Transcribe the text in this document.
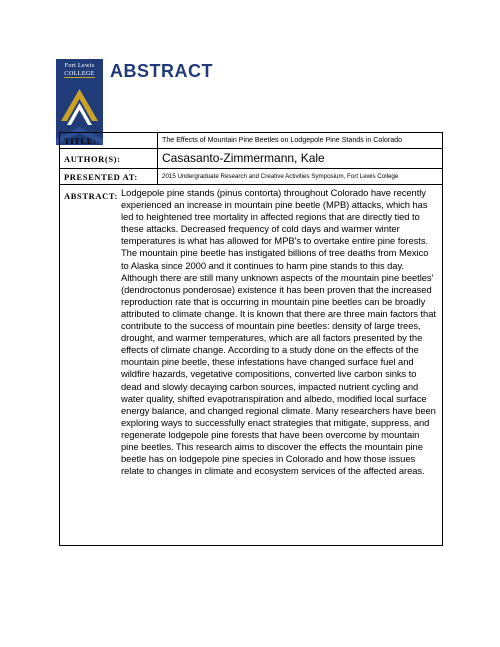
Fort Lewis
COLLEGE ABSTRACT
TITLE:	The Effects of Mountain Pine Beetles on Lodgepole Pine Stands in Colorado
AUTHOR(S):	Casasanto-Zimmermann, Kale
PRESENTED AT:	2015 Undergraduate Research and Creative Activities Symposium, Fort Lewis College
ABSTRACT: Lodgepole pine stands (pinus contorta) throughout Colorado have recently experienced an increase in mountain pine beetle (MPB) attacks, which has led to heightened tree mortality in affected regions that are directly tied to these attacks. Decreased frequency of cold days and warmer winter temperatures is what has allowed for MPB's to overtake entire pine forests. The mountain pine beetle has instigated billions of tree deaths from Mexico to Alaska since 2000 and it continues to harm pine stands to this day. Although there are still many unknown aspects of the mountain pine beetles' (dendroctonus ponderosae) existence it has been proven that the increased reproduction rate that is occurring in mountain pine beetles can be broadly attributed to climate change. It is known that there are three main factors that contribute to the success of mountain pine beetles: density of large trees, drought, and warmer temperatures, which are all factors presented by the effects of climate change. According to a study done on the effects of the mountain pine beetle, these infestations have changed surface fuel and wildfire hazards, vegetative compositions, converted live carbon sinks to dead and slowly decaying carbon sources, impacted nutrient cycling and water quality, shifted evapotranspiration and albedo, modified local surface energy balance, and changed regional climate. Many researchers have been exploring ways to successfully enact strategies that mitigate, suppress, and regenerate lodgepole pine forests that have been overcome by mountain pine beetles. This research aims to discover the effects the mountain pine beetle has on lodgepole pine species in Colorado and how those issues relate to changes in climate and ecosystem services of the affected areas.
